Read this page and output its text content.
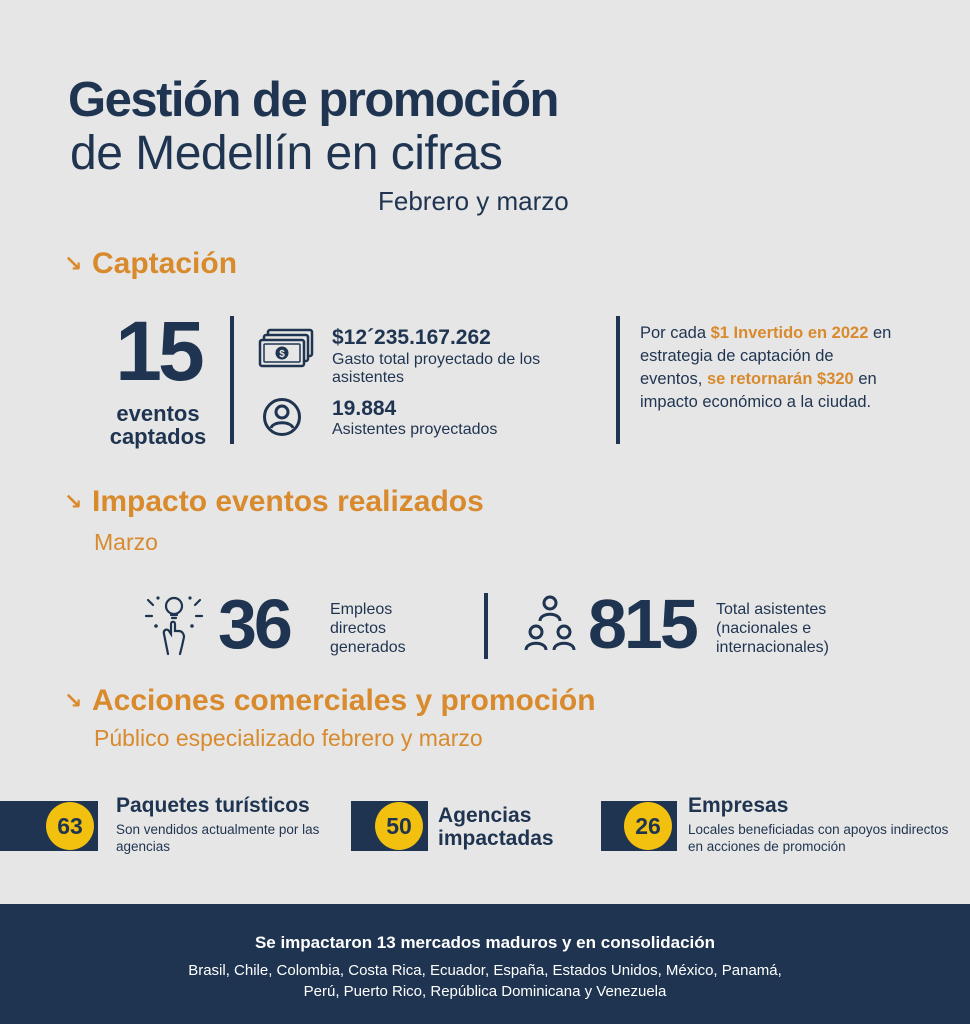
Gestión de promoción
de Medellín en cifras
Febrero y marzo
↘ Captación
15
eventos captados
$
$12´235.167.262
Gasto total proyectado de los asistentes
19.884
Asistentes proyectados
Por cada $1 Invertido en 2022 en estrategia de captación de eventos, se retornarán $320 en impacto económico a la ciudad.
↘ Impacto eventos realizados
Marzo
36	Empleos directos generados	815 Total asistentes (nacionales e internacionales)
↘ Acciones comerciales y promoción
Público especializado febrero y marzo
63
Paquetes turísticos
Son vendidos actualmente por las agencias
50	Agencias impactadas	26
Empresas
Locales beneficiadas con apoyos indirectos en acciones de promoción
Se impactaron 13 mercados maduros y en consolidación
Brasil, Chile, Colombia, Costa Rica, Ecuador, España, Estados Unidos, México, Panamá, Perú, Puerto Rico, República Dominicana y Venezuela
